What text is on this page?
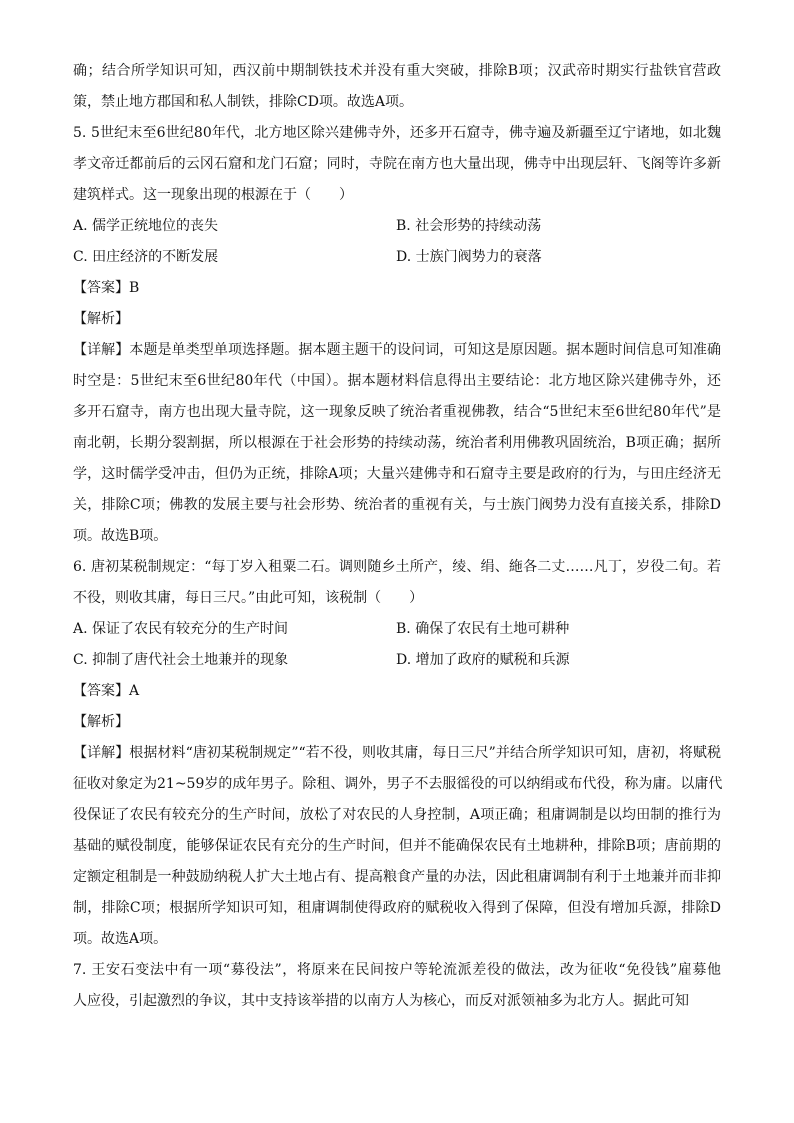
确；结合所学知识可知，西汉前中期制铁技术并没有重大突破，排除B项；汉武帝时期实行盐铁官营政
策，禁止地方郡国和私人制铁，排除CD项。故选A项。
5. 5世纪末至6世纪80年代，北方地区除兴建佛寺外，还多开石窟寺，佛寺遍及新疆至辽宁诸地，如北魏
孝文帝迁都前后的云冈石窟和龙门石窟；同时，寺院在南方也大量出现，佛寺中出现层轩、飞阁等许多新
建筑样式。这一现象出现的根源在于（　　）
A. 儒学正统地位的丧失	B. 社会形势的持续动荡
C. 田庄经济的不断发展	D. 士族门阀势力的衰落
【答案】B
【解析】
【详解】本题是单类型单项选择题。据本题主题干的设问词，可知这是原因题。据本题时间信息可知准确
时空是：5世纪末至6世纪80年代（中国）。据本题材料信息得出主要结论：北方地区除兴建佛寺外，还
多开石窟寺，南方也出现大量寺院，这一现象反映了统治者重视佛教，结合“5世纪末至6世纪80年代”是
南北朝，长期分裂割据，所以根源在于社会形势的持续动荡，统治者利用佛教巩固统治，B项正确；据所
学，这时儒学受冲击，但仍为正统，排除A项；大量兴建佛寺和石窟寺主要是政府的行为，与田庄经济无
关，排除C项；佛教的发展主要与社会形势、统治者的重视有关，与士族门阀势力没有直接关系，排除D
项。故选B项。
6. 唐初某税制规定：“每丁岁入租粟二石。调则随乡土所产，绫、绢、絁各二丈……凡丁，岁役二旬。若
不役，则收其庸，每日三尺。”由此可知，该税制（　　）
A. 保证了农民有较充分的生产时间	B. 确保了农民有土地可耕种
C. 抑制了唐代社会土地兼并的现象	D. 增加了政府的赋税和兵源
【答案】A
【解析】
【详解】根据材料“唐初某税制规定”“若不役，则收其庸，每日三尺”并结合所学知识可知，唐初，将赋税
征收对象定为21~59岁的成年男子。除租、调外，男子不去服徭役的可以纳绢或布代役，称为庸。以庸代
役保证了农民有较充分的生产时间，放松了对农民的人身控制，A项正确；租庸调制是以均田制的推行为
基础的赋役制度，能够保证农民有充分的生产时间，但并不能确保农民有土地耕种，排除B项；唐前期的
定额定租制是一种鼓励纳税人扩大土地占有、提高粮食产量的办法，因此租庸调制有利于土地兼并而非抑
制，排除C项；根据所学知识可知，租庸调制使得政府的赋税收入得到了保障，但没有增加兵源，排除D
项。故选A项。
7. 王安石变法中有一项“募役法”，将原来在民间按户等轮流派差役的做法，改为征收“免役钱”雇募他
人应役，引起激烈的争议，其中支持该举措的以南方人为核心，而反对派领袖多为北方人。据此可知
